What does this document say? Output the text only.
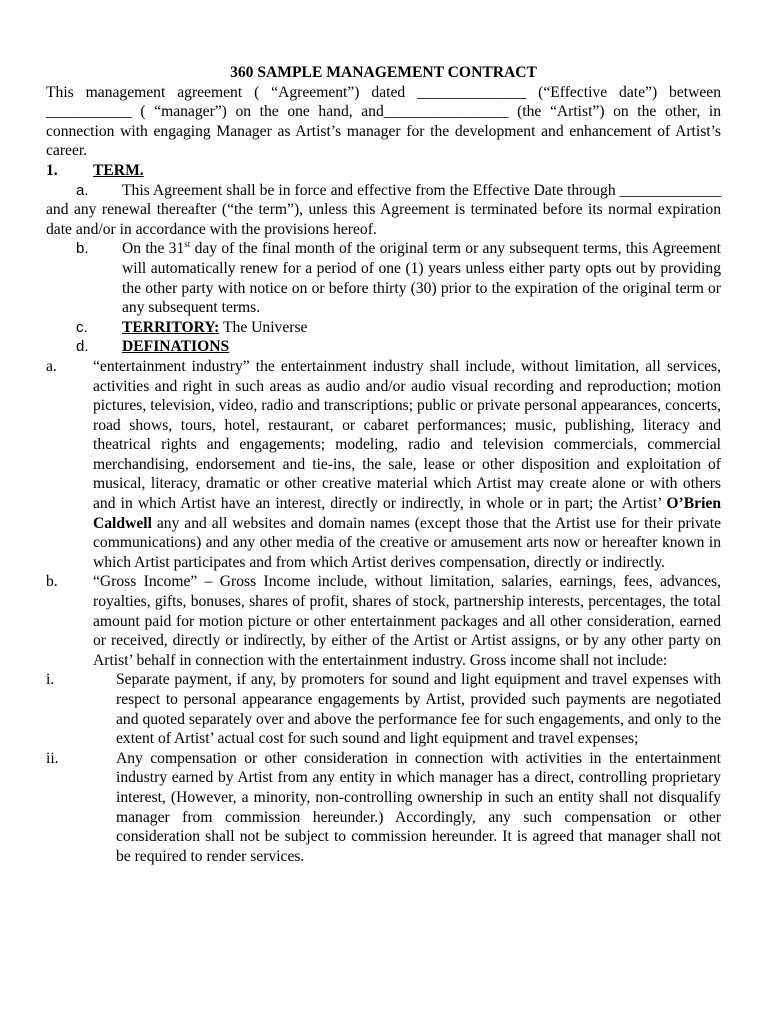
360 SAMPLE MANAGEMENT CONTRACT
This management agreement ( “Agreement”) dated ______________ (“Effective date”) between ___________ ( “manager”) on the one hand, and________________ (the “Artist”) on the other, in connection with engaging Manager as Artist’s manager for the development and enhancement of Artist’s career.
1.	TERM.
a. This Agreement shall be in force and effective from the Effective Date through _____________ and any renewal thereafter (“the term”), unless this Agreement is terminated before its normal expiration date and/or in accordance with the provisions hereof.
b. On the 31st day of the final month of the original term or any subsequent terms, this Agreement will automatically renew for a period of one (1) years unless either party opts out by providing the other party with notice on or before thirty (30) prior to the expiration of the original term or any subsequent terms.
c. TERRITORY: The Universe
d. DEFINATIONS
a. “entertainment industry” the entertainment industry shall include, without limitation, all services, activities and right in such areas as audio and/or audio visual recording and reproduction; motion pictures, television, video, radio and transcriptions; public or private personal appearances, concerts, road shows, tours, hotel, restaurant, or cabaret performances; music, publishing, literacy and theatrical rights and engagements; modeling, radio and television commercials, commercial merchandising, endorsement and tie-ins, the sale, lease or other disposition and exploitation of musical, literacy, dramatic or other creative material which Artist may create alone or with others and in which Artist have an interest, directly or indirectly, in whole or in part; the Artist’ O’Brien Caldwell any and all websites and domain names (except those that the Artist use for their private communications) and any other media of the creative or amusement arts now or hereafter known in which Artist participates and from which Artist derives compensation, directly or indirectly.
b. “Gross Income” – Gross Income include, without limitation, salaries, earnings, fees, advances, royalties, gifts, bonuses, shares of profit, shares of stock, partnership interests, percentages, the total amount paid for motion picture or other entertainment packages and all other consideration, earned or received, directly or indirectly, by either of the Artist or Artist assigns, or by any other party on Artist’ behalf in connection with the entertainment industry. Gross income shall not include:
i.	Separate payment, if any, by promoters for sound and light equipment and travel expenses with respect to personal appearance engagements by Artist, provided such payments are negotiated and quoted separately over and above the performance fee for such engagements, and only to the extent of Artist’ actual cost for such sound and light equipment and travel expenses;
ii.	Any compensation or other consideration in connection with activities in the entertainment industry earned by Artist from any entity in which manager has a direct, controlling proprietary interest, (However, a minority, non-controlling ownership in such an entity shall not disqualify manager from commission hereunder.) Accordingly, any such compensation or other consideration shall not be subject to commission hereunder. It is agreed that manager shall not be required to render services.
